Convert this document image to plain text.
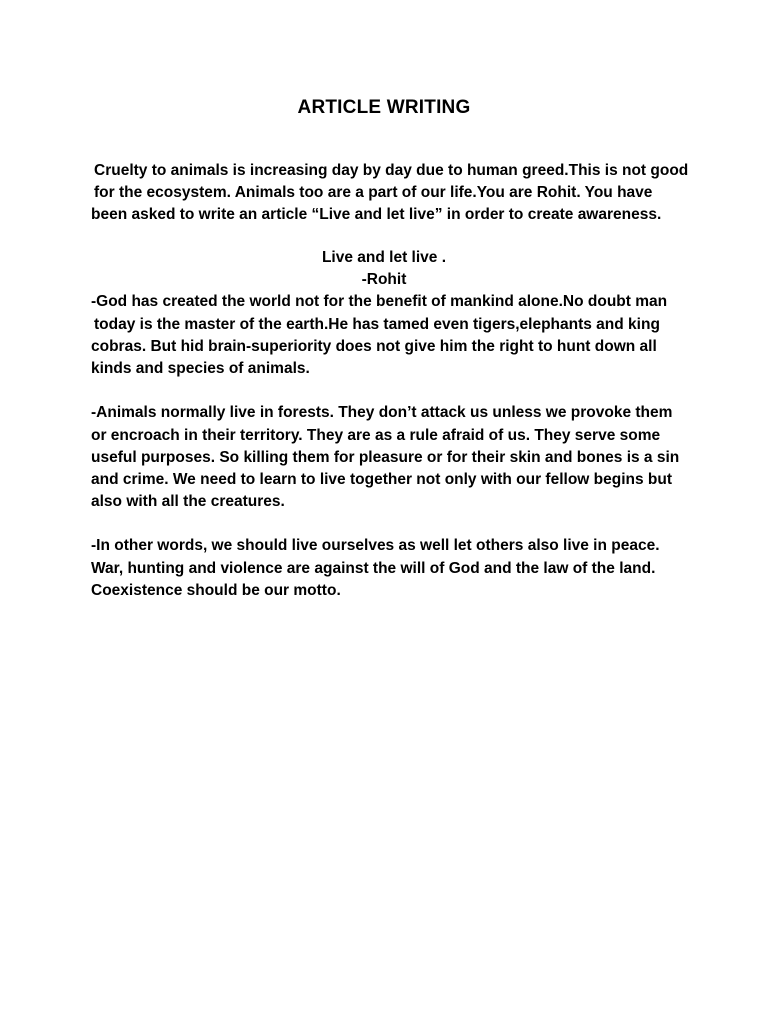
ARTICLE WRITING
Cruelty to animals is increasing day by day due to human greed.This is not good
for the ecosystem. Animals too are a part of our life.You are Rohit. You have
been asked to write an article “Live and let live” in order to create awareness.
Live and let live .
-Rohit
-God has created the world not for the benefit of mankind alone.No doubt man
today is the master of the earth.He has tamed even tigers,elephants and king
cobras. But hid brain-superiority does not give him the right to hunt down all
kinds and species of animals.
-Animals normally live in forests. They don’t attack us unless we provoke them
or encroach in their territory. They are as a rule afraid of us. They serve some
useful purposes. So killing them for pleasure or for their skin and bones is a sin
and crime. We need to learn to live together not only with our fellow begins but
also with all the creatures.
-In other words, we should live ourselves as well let others also live in peace.
War, hunting and violence are against the will of God and the law of the land.
Coexistence should be our motto.
